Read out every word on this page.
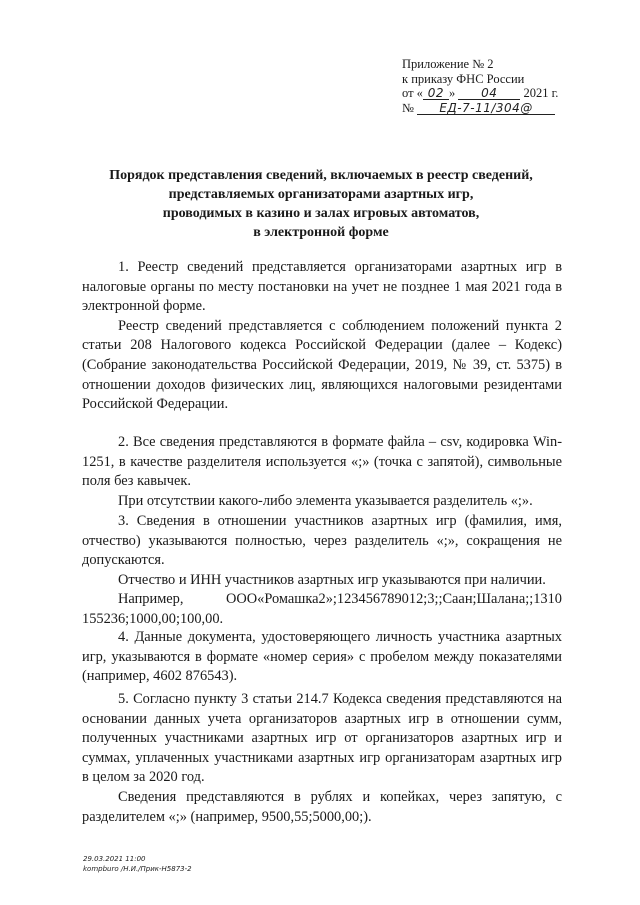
Приложение № 2
к приказу ФНС России
от « 02 » 04 2021 г.
№ ЕД-7-11/304@
Порядок представления сведений, включаемых в реестр сведений,
представляемых организаторами азартных игр,
проводимых в казино и залах игровых автоматов,
в электронной форме

1. Реестр сведений представляется организаторами азартных игр в налоговые органы по месту постановки на учет не позднее 1 мая 2021 года в электронной форме.

Реестр сведений представляется с соблюдением положений пункта 2 статьи 208 Налогового кодекса Российской Федерации (далее – Кодекс) (Собрание законодательства Российской Федерации, 2019, № 39, ст. 5375) в отношении доходов физических лиц, являющихся налоговыми резидентами Российской Федерации.

2. Все сведения представляются в формате файла – csv, кодировка Win-1251, в качестве разделителя используется «;» (точка с запятой), символьные поля без кавычек.

При отсутствии какого-либо элемента указывается разделитель «;».

3. Сведения в отношении участников азартных игр (фамилия, имя, отчество) указываются полностью, через разделитель «;», сокращения не допускаются.

Отчество и ИНН участников азартных игр указываются при наличии.

Например,	ООО«Ромашка2»;123456789012;3;;Саан;Шалана;;1310

155236;1000,00;100,00.

4. Данные документа, удостоверяющего личность участника азартных игр, указываются в формате «номер серия» с пробелом между показателями (например, 4602 876543).

5. Согласно пункту 3 статьи 214.7 Кодекса сведения представляются на основании данных учета организаторов азартных игр в отношении сумм, полученных участниками азартных игр от организаторов азартных игр и суммах, уплаченных участниками азартных игр организаторам азартных игр в целом за 2020 год.

Сведения представляются в рублях и копейках, через запятую, с разделителем «;» (например, 9500,55;5000,00;).

29.03.2021 11:00
kompburo /Н.И./Прик-Н5873-2
